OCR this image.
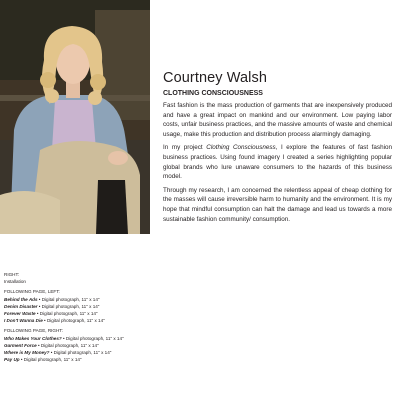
Courtney Walsh
CLOTHING CONSCIOUSNESS

Fast fashion is the mass production of garments that are inexpensively produced and have a great impact on mankind and our environment. Low paying labor costs, unfair business practices, and the massive amounts of waste and chemical usage, make this production and distribution process alarmingly damaging.

In my project Clothing Consciousness, I explore the features of fast fashion business practices. Using found imagery I created a series highlighting popular global brands who lure unaware consumers to the hazards of this business model.

Through my research, I am concerned the relentless appeal of cheap clothing for the masses will cause irreversible harm to humanity and the environment. It is my hope that mindful consumption can halt the damage and lead us towards a more sustainable fashion community/ consumption.

RIGHT:
Installation
FOLLOWING PAGE, LEFT:
Behind the Ads • Digital photograph, 11" x 14"
Denim Disaster • Digital photograph, 11" x 14"
Forever Waste • Digital photograph, 11" x 14"
I Don't Wanna Die • Digital photograph, 11" x 14"
FOLLOWING PAGE, RIGHT:
Who Makes Your Clothes? • Digital photograph, 11" x 14"
Garment Force • Digital photograph, 11" x 14"
Where is My Money? • Digital photograph, 11" x 14"
Pay Up • Digital photograph, 11" x 14"
